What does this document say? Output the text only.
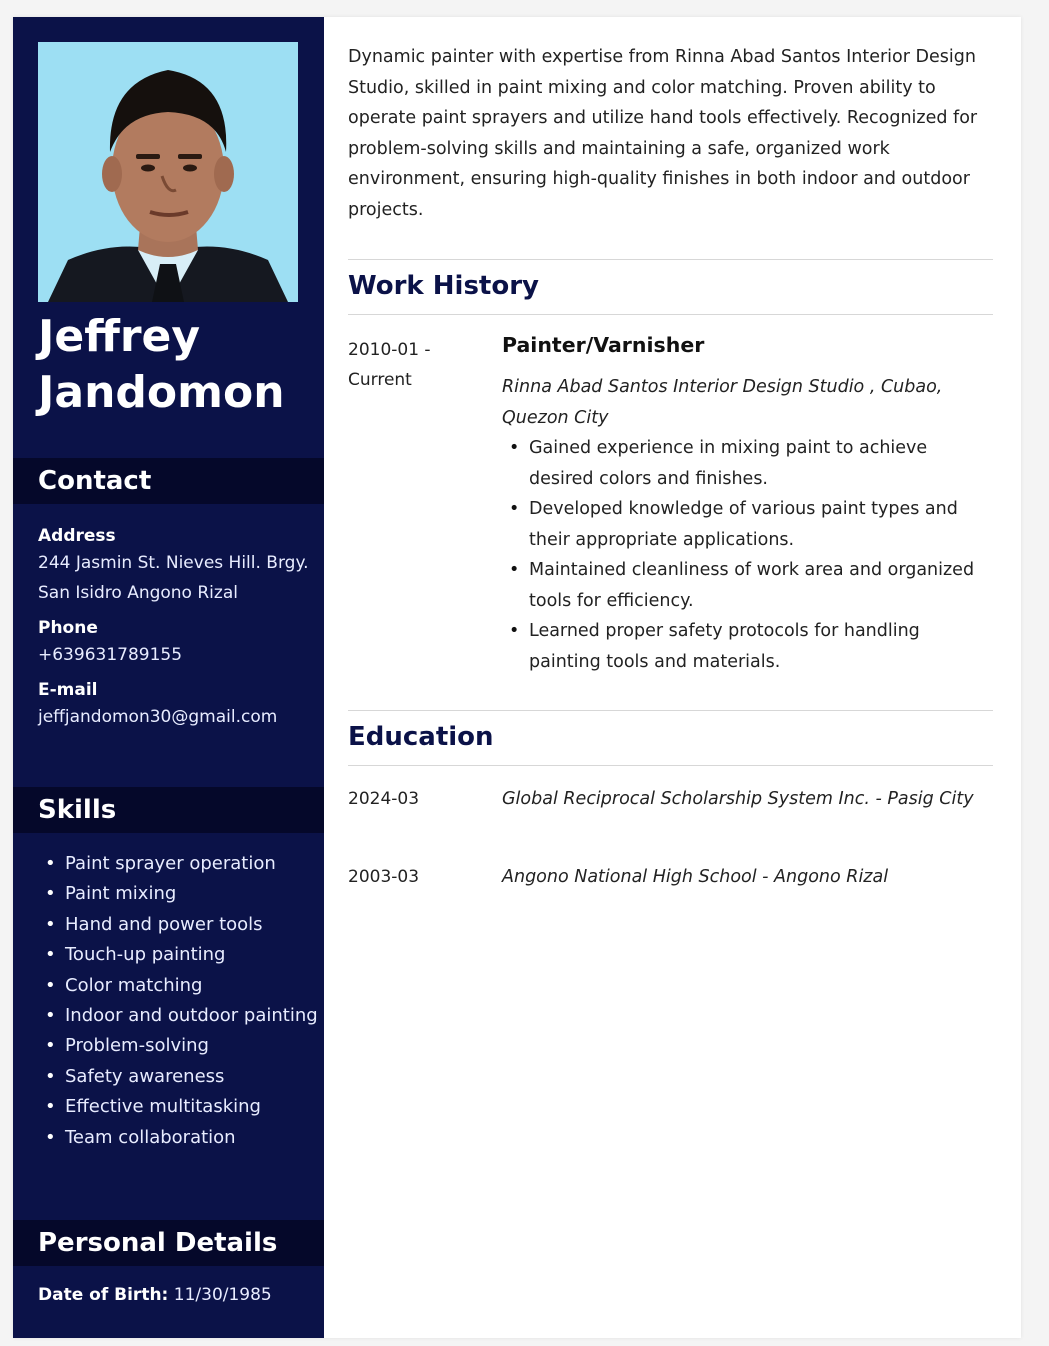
Jeffrey
Jandomon
Contact
Address
244 Jasmin St. Nieves Hill. Brgy. San Isidro Angono Rizal
Phone
+639631789155
E-mail
jeffjandomon30@gmail.com
Skills
• Paint sprayer operation
• Paint mixing
• Hand and power tools
• Touch-up painting
• Color matching
• Indoor and outdoor painting
• Problem-solving
• Safety awareness
• Effective multitasking
• Team collaboration
Personal Details
Date of Birth: 11/30/1985
Dynamic painter with expertise from Rinna Abad Santos Interior Design Studio, skilled in paint mixing and color matching. Proven ability to operate paint sprayers and utilize hand tools effectively. Recognized for problem-solving skills and maintaining a safe, organized work environment, ensuring high-quality finishes in both indoor and outdoor projects.
Work History
2010-01 - Current
Painter/Varnisher
Rinna Abad Santos Interior Design Studio , Cubao, Quezon City
• Gained experience in mixing paint to achieve desired colors and finishes.
• Developed knowledge of various paint types and their appropriate applications.
• Maintained cleanliness of work area and organized tools for efficiency.
• Learned proper safety protocols for handling painting tools and materials.
Education
2024-03	Global Reciprocal Scholarship System Inc. - Pasig City
2003-03	Angono National High School - Angono Rizal
